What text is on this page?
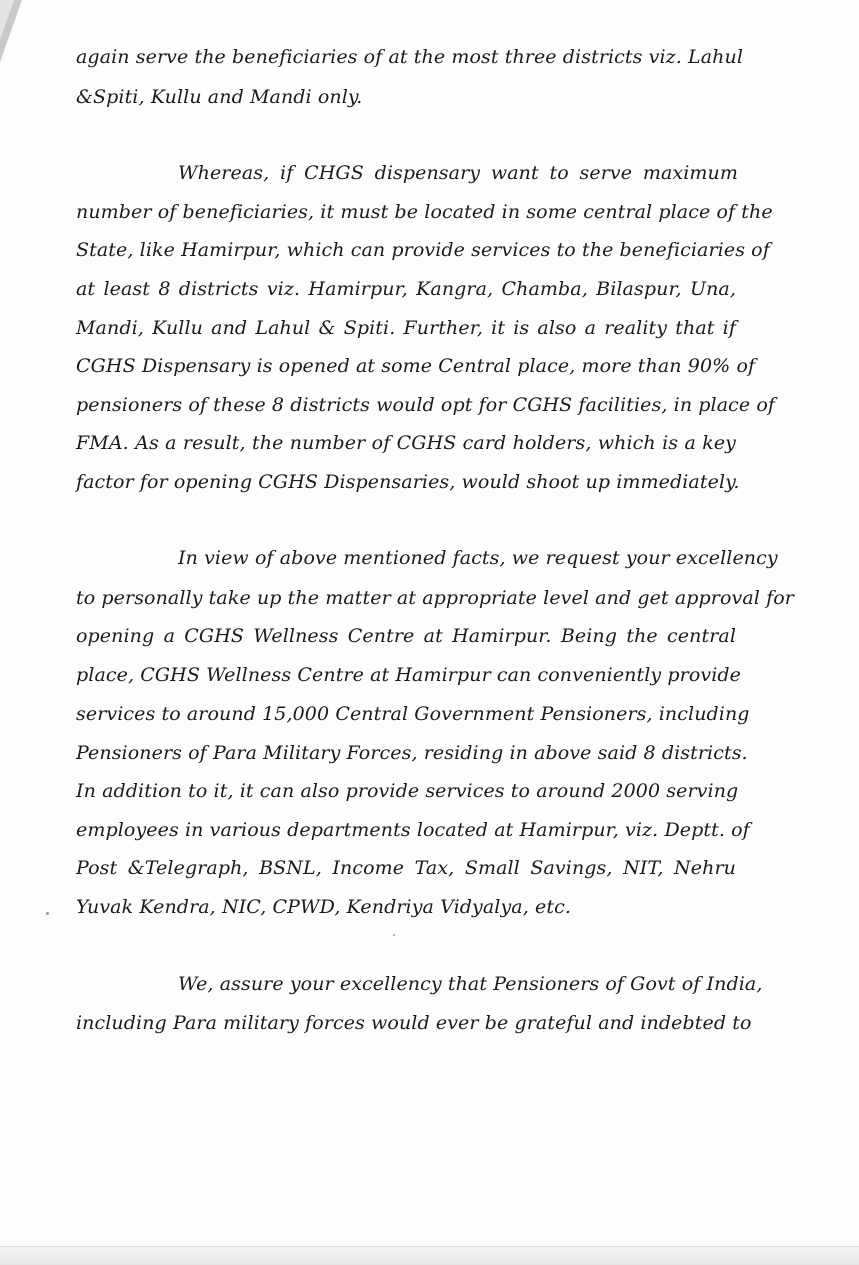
again serve the beneficiaries of at the most three districts viz. Lahul

&Spiti, Kullu and Mandi only.

Whereas, if CHGS dispensary want to serve maximum

number of beneficiaries, it must be located in some central place of the

State, like Hamirpur, which can provide services to the beneficiaries of

at least 8 districts viz. Hamirpur, Kangra, Chamba, Bilaspur, Una,

Mandi, Kullu and Lahul & Spiti. Further, it is also a reality that if

CGHS Dispensary is opened at some Central place, more than 90% of

pensioners of these 8 districts would opt for CGHS facilities, in place of

FMA. As a result, the number of CGHS card holders, which is a key

factor for opening CGHS Dispensaries, would shoot up immediately.

In view of above mentioned facts, we request your excellency

to personally take up the matter at appropriate level and get approval for

opening a CGHS Wellness Centre at Hamirpur. Being the central

place, CGHS Wellness Centre at Hamirpur can conveniently provide

services to around 15,000 Central Government Pensioners, including

Pensioners of Para Military Forces, residing in above said 8 districts.

In addition to it, it can also provide services to around 2000 serving

employees in various departments located at Hamirpur, viz. Deptt. of

Post &Telegraph, BSNL, Income Tax, Small Savings, NIT, Nehru

Yuvak Kendra, NIC, CPWD, Kendriya Vidyalya, etc.

We, assure your excellency that Pensioners of Govt of India,

including Para military forces would ever be grateful and indebted to
